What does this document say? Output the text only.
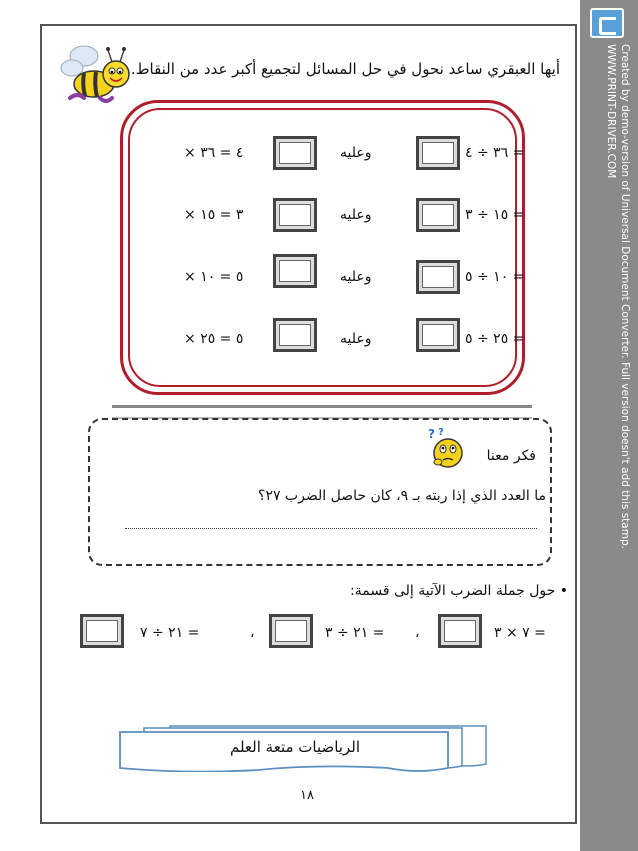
Created by demo-version of Universal Document Converter. Full version doesn't add this stamp.
WWW.PRINT-DRIVER.COM
أيها العبقري ساعد نحول في حل المسائل لتجميع أكبر عدد من النقاط.
٣٦ ÷ ٤ =
وعليه
× ٤ = ٣٦
١٥ ÷ ٣ =
وعليه
× ٣ = ١٥
١٠ ÷ ٥ =
وعليه
× ٥ = ١٠
٢٥ ÷ ٥ =
وعليه
× ٥ = ٢٥
? ?
فكر معنا
ما العدد الذي إذا ربته بـ ٩، كان حاصل الضرب ٢٧؟
• حول جملة الضرب الآتية إلى قسمة:
٧ × ٣ =
،
٢١ ÷ ٣ =
،
٢١ ÷ ٧ =
الرياضيات متعة العلم
١٨
